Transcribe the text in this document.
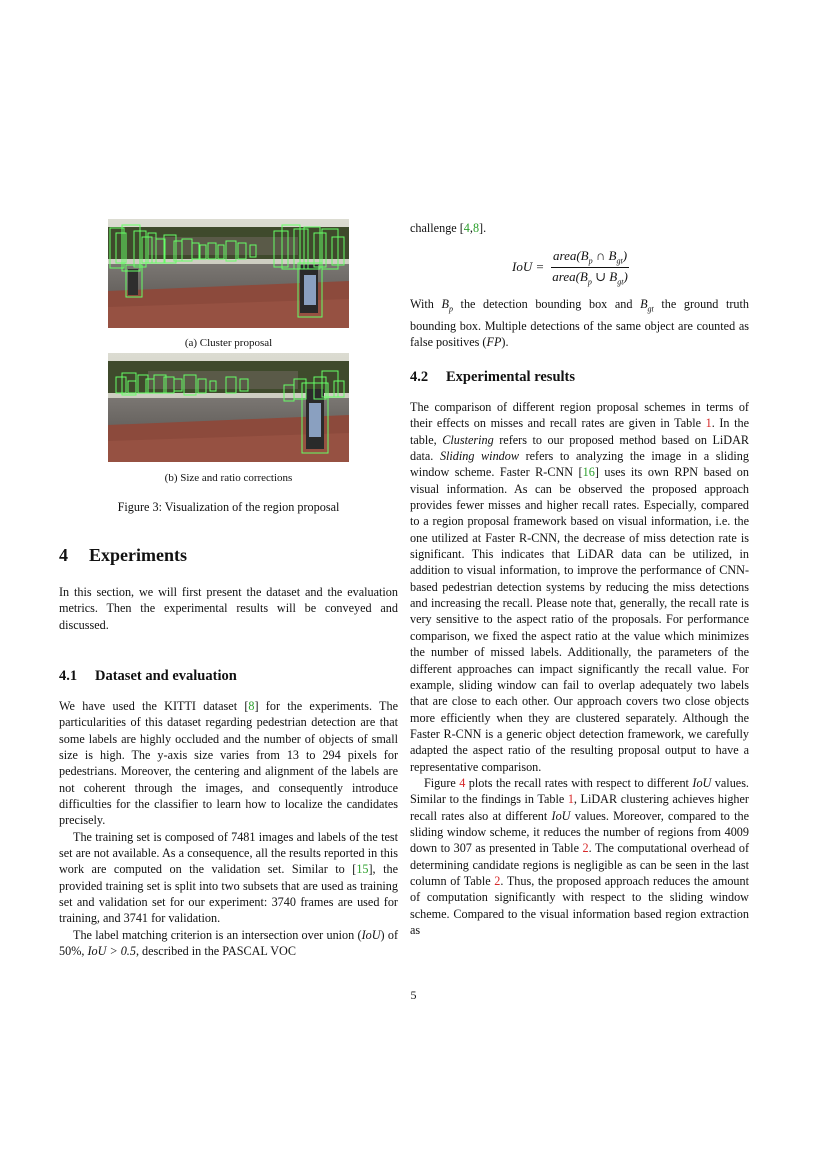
(a) Cluster proposal
(b) Size and ratio corrections
Figure 3: Visualization of the region proposal
4 Experiments

In this section, we will first present the dataset and the evaluation metrics. Then the experimental results will be conveyed and discussed.

4.1 Dataset and evaluation

We have used the KITTI dataset [8] for the experiments. The particularities of this dataset regarding pedestrian detection are that some labels are highly occluded and the number of objects of small size is high. The y-axis size varies from 13 to 294 pixels for pedestrians. Moreover, the centering and alignment of the labels are not coherent through the images, and consequently introduce difficulties for the classifier to learn how to localize the candidates precisely.

The training set is composed of 7481 images and labels of the test set are not available. As a consequence, all the results reported in this work are computed on the validation set. Similar to [15], the provided training set is split into two subsets that are used as training set and validation set for our experiment: 3740 frames are used for training, and 3741 for validation.

The label matching criterion is an intersection over union (IoU) of 50%, IoU > 0.5, described in the PASCAL VOC

challenge [4,8].

IoU = $\frac{area(B_p \cap B_{gt})}{area(B_p \cup B_{gt})}$

With $B_p$ the detection bounding box and $B_{gt}$ the ground truth bounding box. Multiple detections of the same object are counted as false positives (FP).

4.2 Experimental results

The comparison of different region proposal schemes in terms of their effects on misses and recall rates are given in Table 1. In the table, Clustering refers to our proposed method based on LiDAR data. Sliding window refers to analyzing the image in a sliding window scheme. Faster R-CNN [16] uses its own RPN based on visual information. As can be observed the proposed approach provides fewer misses and higher recall rates. Especially, compared to a region proposal framework based on visual information, i.e. the one utilized at Faster R-CNN, the decrease of miss detection rate is significant. This indicates that LiDAR data can be utilized, in addition to visual information, to improve the performance of CNN-based pedestrian detection systems by reducing the miss detections and increasing the recall. Please note that, generally, the recall rate is very sensitive to the aspect ratio of the proposals. For performance comparison, we fixed the aspect ratio at the value which minimizes the number of missed labels. Additionally, the parameters of the different approaches can impact significantly the recall value. For example, sliding window can fail to overlap adequately two labels that are close to each other. Our approach covers two close objects more efficiently when they are clustered separately. Although the Faster R-CNN is a generic object detection framework, we carefully adapted the aspect ratio of the resulting proposal output to have a representative comparison.

Figure 4 plots the recall rates with respect to different IoU values. Similar to the findings in Table 1, LiDAR clustering achieves higher recall rates also at different IoU values. Moreover, compared to the sliding window scheme, it reduces the number of regions from 4009 down to 307 as presented in Table 2. The computational overhead of determining candidate regions is negligible as can be seen in the last column of Table 2. Thus, the proposed approach reduces the amount of computation significantly with respect to the sliding window scheme. Compared to the visual information based region extraction as

5
